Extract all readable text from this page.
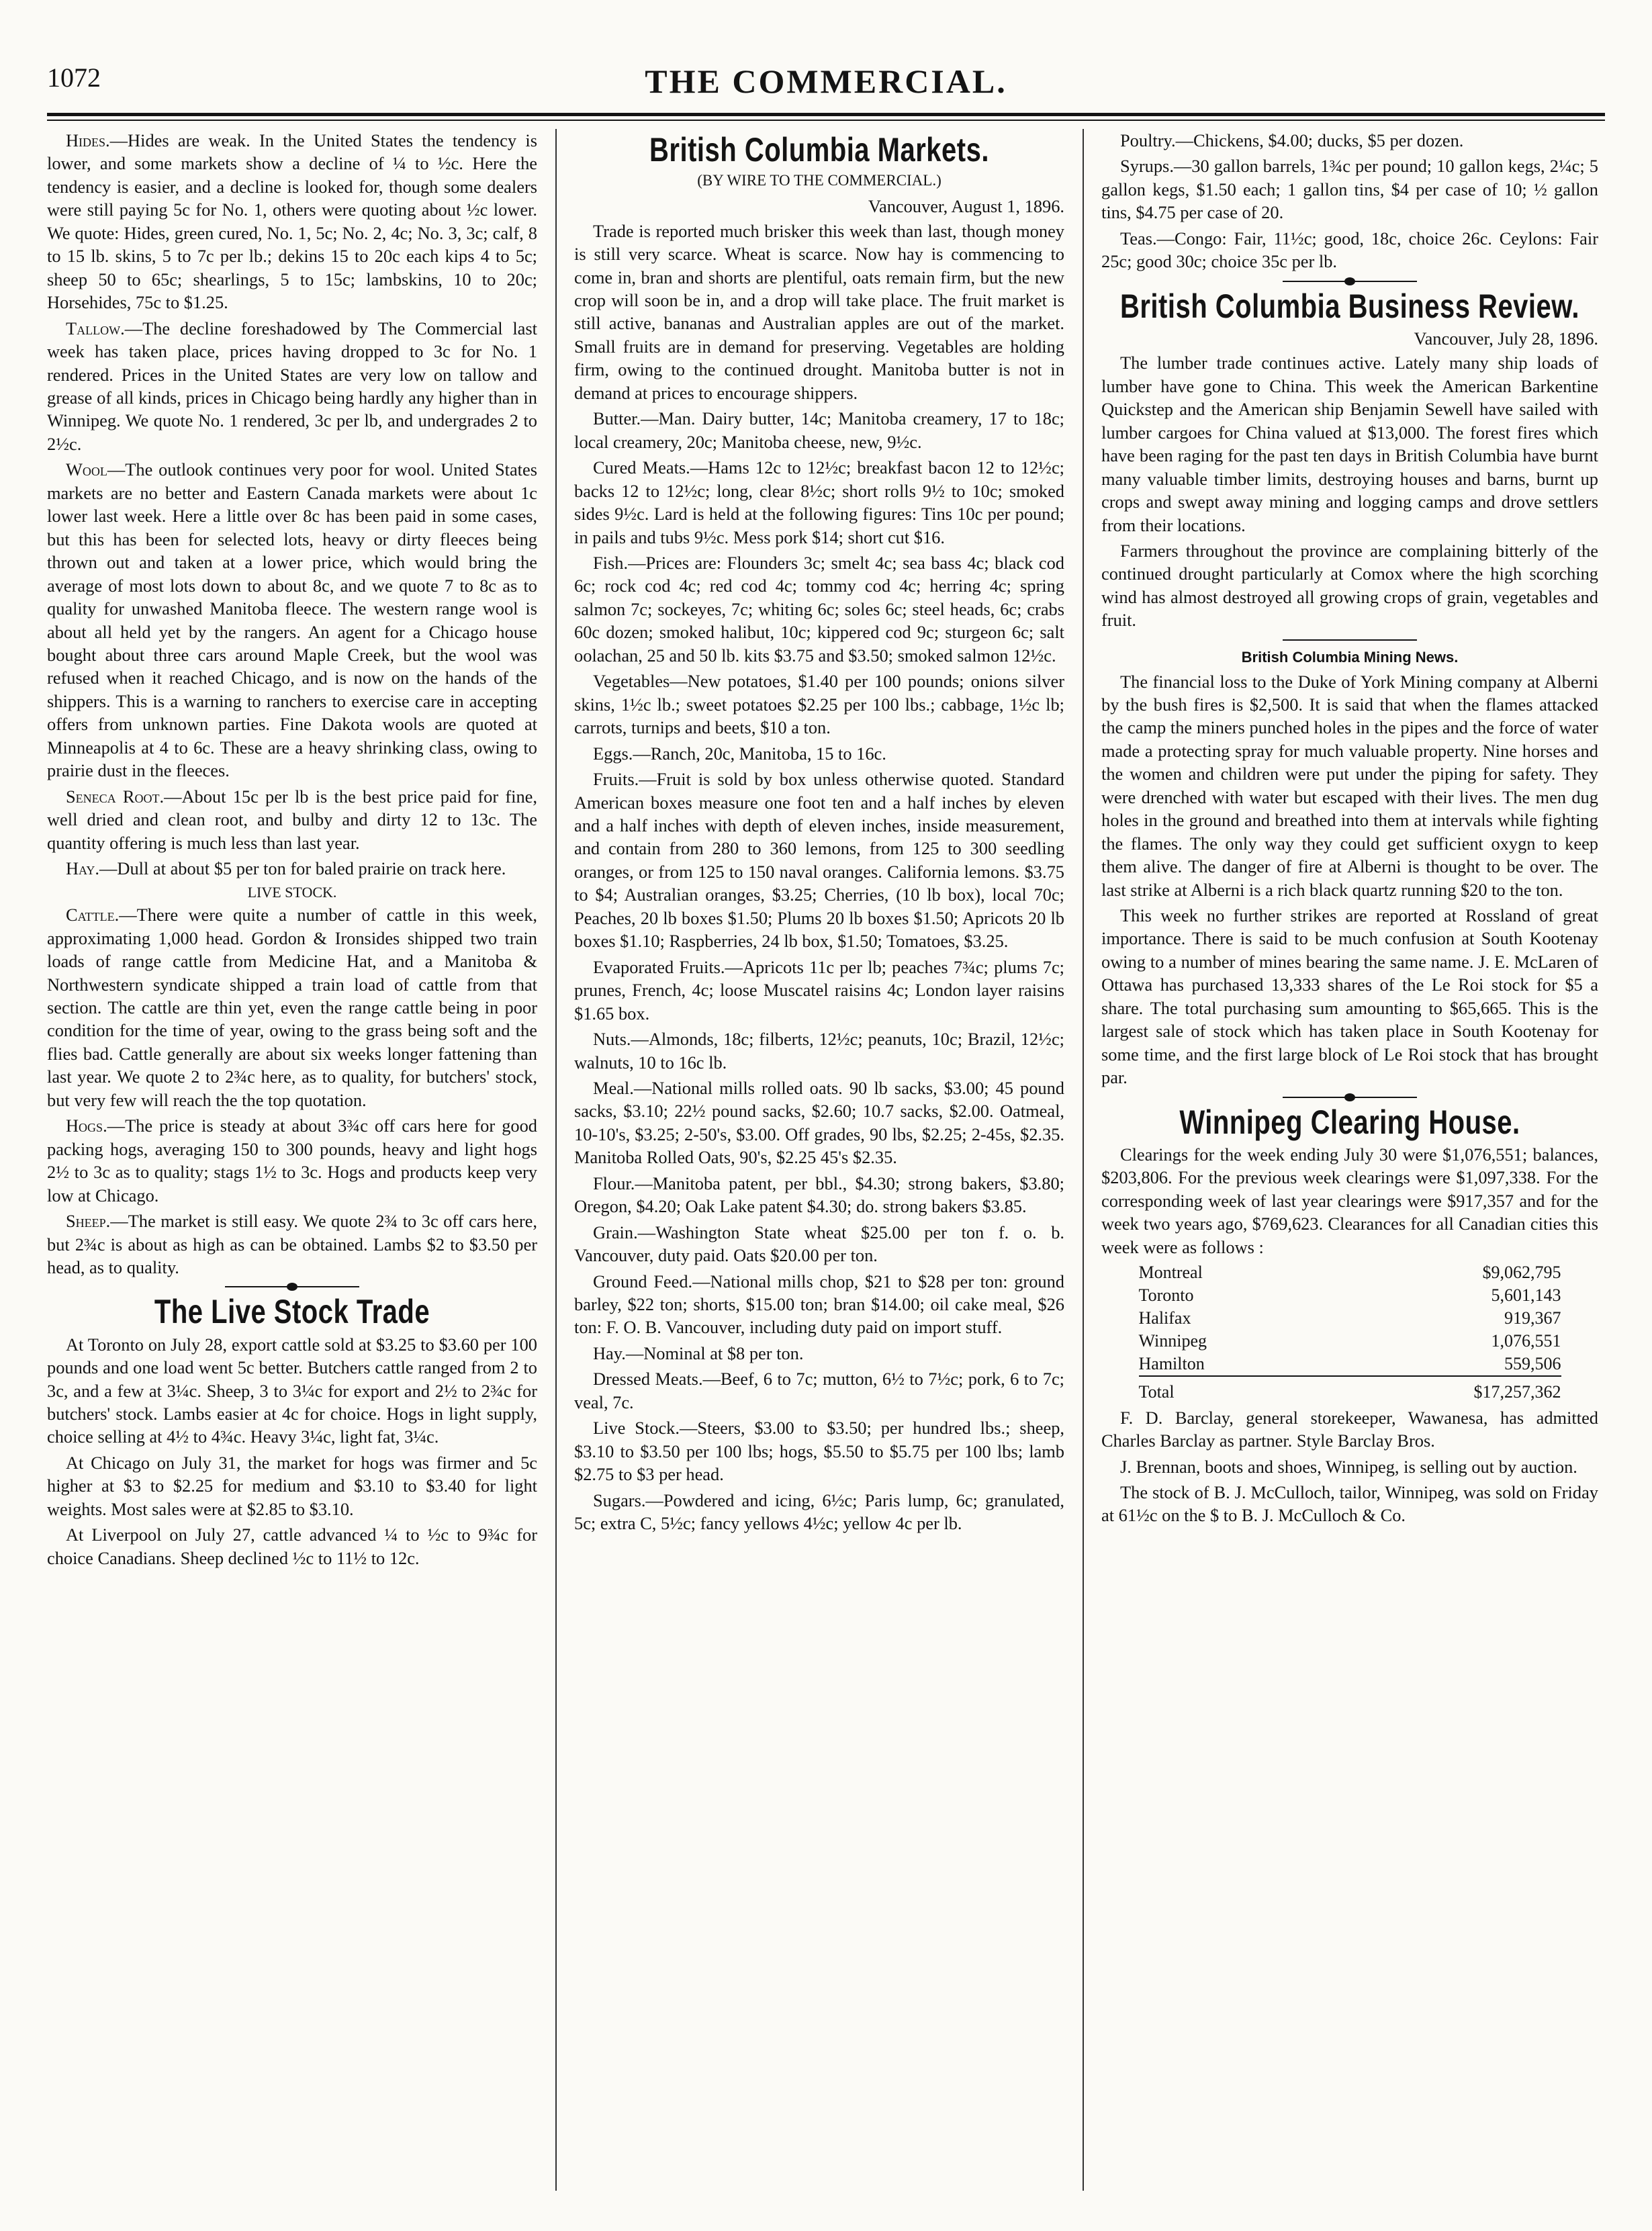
1072	THE COMMERCIAL.

Hides.—Hides are weak. In the United States the tendency is lower, and some markets show a decline of ¼ to ½c. Here the tendency is easier, and a decline is looked for, though some dealers were still paying 5c for No. 1, others were quoting about ½c lower. We quote: Hides, green cured, No. 1, 5c; No. 2, 4c; No. 3, 3c; calf, 8 to 15 lb. skins, 5 to 7c per lb.; dekins 15 to 20c each kips 4 to 5c; sheep 50 to 65c; shearlings, 5 to 15c; lambskins, 10 to 20c; Horsehides, 75c to $1.25.

Tallow.—The decline foreshadowed by The Commercial last week has taken place, prices having dropped to 3c for No. 1 rendered. Prices in the United States are very low on tallow and grease of all kinds, prices in Chicago being hardly any higher than in Winnipeg. We quote No. 1 rendered, 3c per lb, and undergrades 2 to 2½c.

Wool—The outlook continues very poor for wool. United States markets are no better and Eastern Canada markets were about 1c lower last week. Here a little over 8c has been paid in some cases, but this has been for selected lots, heavy or dirty fleeces being thrown out and taken at a lower price, which would bring the average of most lots down to about 8c, and we quote 7 to 8c as to quality for unwashed Manitoba fleece. The western range wool is about all held yet by the rangers. An agent for a Chicago house bought about three cars around Maple Creek, but the wool was refused when it reached Chicago, and is now on the hands of the shippers. This is a warning to ranchers to exercise care in accepting offers from unknown parties. Fine Dakota wools are quoted at Minneapolis at 4 to 6c. These are a heavy shrinking class, owing to prairie dust in the fleeces.

Seneca Root.—About 15c per lb is the best price paid for fine, well dried and clean root, and bulby and dirty 12 to 13c. The quantity offering is much less than last year.

Hay.—Dull at about $5 per ton for baled prairie on track here.

LIVE STOCK.

Cattle.—There were quite a number of cattle in this week, approximating 1,000 head. Gordon & Ironsides shipped two train loads of range cattle from Medicine Hat, and a Manitoba & Northwestern syndicate shipped a train load of cattle from that section. The cattle are thin yet, even the range cattle being in poor condition for the time of year, owing to the grass being soft and the flies bad. Cattle generally are about six weeks longer fattening than last year. We quote 2 to 2¾c here, as to quality, for butchers' stock, but very few will reach the the top quotation.

Hogs.—The price is steady at about 3¾c off cars here for good packing hogs, averaging 150 to 300 pounds, heavy and light hogs 2½ to 3c as to quality; stags 1½ to 3c. Hogs and products keep very low at Chicago.

Sheep.—The market is still easy. We quote 2¾ to 3c off cars here, but 2¾c is about as high as can be obtained. Lambs $2 to $3.50 per head, as to quality.

The Live Stock Trade

At Toronto on July 28, export cattle sold at $3.25 to $3.60 per 100 pounds and one load went 5c better. Butchers cattle ranged from 2 to 3c, and a few at 3¼c. Sheep, 3 to 3¼c for export and 2½ to 2¾c for butchers' stock. Lambs easier at 4c for choice. Hogs in light supply, choice selling at 4½ to 4¾c. Heavy 3¼c, light fat, 3¼c.

At Chicago on July 31, the market for hogs was firmer and 5c higher at $3 to $2.25 for medium and $3.10 to $3.40 for light weights. Most sales were at $2.85 to $3.10.

At Liverpool on July 27, cattle advanced ¼ to ½c to 9¾c for choice Canadians. Sheep declined ½c to 11½ to 12c.

British Columbia Markets.
(BY WIRE TO THE COMMERCIAL.)

Vancouver, August 1, 1896.

Trade is reported much brisker this week than last, though money is still very scarce. Wheat is scarce. Now hay is commencing to come in, bran and shorts are plentiful, oats remain firm, but the new crop will soon be in, and a drop will take place. The fruit market is still active, bananas and Australian apples are out of the market. Small fruits are in demand for preserving. Vegetables are holding firm, owing to the continued drought. Manitoba butter is not in demand at prices to encourage shippers.

Butter.—Man. Dairy butter, 14c; Manitoba creamery, 17 to 18c; local creamery, 20c; Manitoba cheese, new, 9½c.

Cured Meats.—Hams 12c to 12½c; breakfast bacon 12 to 12½c; backs 12 to 12½c; long, clear 8½c; short rolls 9½ to 10c; smoked sides 9½c. Lard is held at the following figures: Tins 10c per pound; in pails and tubs 9½c. Mess pork $14; short cut $16.

Fish.—Prices are: Flounders 3c; smelt 4c; sea bass 4c; black cod 6c; rock cod 4c; red cod 4c; tommy cod 4c; herring 4c; spring salmon 7c; sockeyes, 7c; whiting 6c; soles 6c; steel heads, 6c; crabs 60c dozen; smoked halibut, 10c; kippered cod 9c; sturgeon 6c; salt oolachan, 25 and 50 lb. kits $3.75 and $3.50; smoked salmon 12½c.

Vegetables—New potatoes, $1.40 per 100 pounds; onions silver skins, 1½c lb.; sweet potatoes $2.25 per 100 lbs.; cabbage, 1½c lb; carrots, turnips and beets, $10 a ton.

Eggs.—Ranch, 20c, Manitoba, 15 to 16c.

Fruits.—Fruit is sold by box unless otherwise quoted. Standard American boxes measure one foot ten and a half inches by eleven and a half inches with depth of eleven inches, inside measurement, and contain from 280 to 360 lemons, from 125 to 300 seedling oranges, or from 125 to 150 naval oranges. California lemons. $3.75 to $4; Australian oranges, $3.25; Cherries, (10 lb box), local 70c; Peaches, 20 lb boxes $1.50; Plums 20 lb boxes $1.50; Apricots 20 lb boxes $1.10; Raspberries, 24 lb box, $1.50; Tomatoes, $3.25.

Evaporated Fruits.—Apricots 11c per lb; peaches 7¾c; plums 7c; prunes, French, 4c; loose Muscatel raisins 4c; London layer raisins $1.65 box.

Nuts.—Almonds, 18c; filberts, 12½c; peanuts, 10c; Brazil, 12½c; walnuts, 10 to 16c lb.

Meal.—National mills rolled oats. 90 lb sacks, $3.00; 45 pound sacks, $3.10; 22½ pound sacks, $2.60; 10.7 sacks, $2.00. Oatmeal, 10-10's, $3.25; 2-50's, $3.00. Off grades, 90 lbs, $2.25; 2-45s, $2.35. Manitoba Rolled Oats, 90's, $2.25 45's $2.35.

Flour.—Manitoba patent, per bbl., $4.30; strong bakers, $3.80; Oregon, $4.20; Oak Lake patent $4.30; do. strong bakers $3.85.

Grain.—Washington State wheat $25.00 per ton f. o. b. Vancouver, duty paid. Oats $20.00 per ton.

Ground Feed.—National mills chop, $21 to $28 per ton: ground barley, $22 ton; shorts, $15.00 ton; bran $14.00; oil cake meal, $26 ton: F. O. B. Vancouver, including duty paid on import stuff.

Hay.—Nominal at $8 per ton.

Dressed Meats.—Beef, 6 to 7c; mutton, 6½ to 7½c; pork, 6 to 7c; veal, 7c.

Live Stock.—Steers, $3.00 to $3.50; per hundred lbs.; sheep, $3.10 to $3.50 per 100 lbs; hogs, $5.50 to $5.75 per 100 lbs; lamb $2.75 to $3 per head.

Sugars.—Powdered and icing, 6½c; Paris lump, 6c; granulated, 5c; extra C, 5½c; fancy yellows 4½c; yellow 4c per lb.

Poultry.—Chickens, $4.00; ducks, $5 per dozen.

Syrups.—30 gallon barrels, 1¾c per pound; 10 gallon kegs, 2¼c; 5 gallon kegs, $1.50 each; 1 gallon tins, $4 per case of 10; ½ gallon tins, $4.75 per case of 20.

Teas.—Congo: Fair, 11½c; good, 18c, choice 26c. Ceylons: Fair 25c; good 30c; choice 35c per lb.

British Columbia Business Review.

Vancouver, July 28, 1896.

The lumber trade continues active. Lately many ship loads of lumber have gone to China. This week the American Barkentine Quickstep and the American ship Benjamin Sewell have sailed with lumber cargoes for China valued at $13,000. The forest fires which have been raging for the past ten days in British Columbia have burnt many valuable timber limits, destroying houses and barns, burnt up crops and swept away mining and logging camps and drove settlers from their locations.

Farmers throughout the province are complaining bitterly of the continued drought particularly at Comox where the high scorching wind has almost destroyed all growing crops of grain, vegetables and fruit.

British Columbia Mining News.

The financial loss to the Duke of York Mining company at Alberni by the bush fires is $2,500. It is said that when the flames attacked the camp the miners punched holes in the pipes and the force of water made a protecting spray for much valuable property. Nine horses and the women and children were put under the piping for safety. They were drenched with water but escaped with their lives. The men dug holes in the ground and breathed into them at intervals while fighting the flames. The only way they could get sufficient oxygn to keep them alive. The danger of fire at Alberni is thought to be over. The last strike at Alberni is a rich black quartz running $20 to the ton.

This week no further strikes are reported at Rossland of great importance. There is said to be much confusion at South Kootenay owing to a number of mines bearing the same name. J. E. McLaren of Ottawa has purchased 13,333 shares of the Le Roi stock for $5 a share. The total purchasing sum amounting to $65,665. This is the largest sale of stock which has taken place in South Kootenay for some time, and the first large block of Le Roi stock that has brought par.

Winnipeg Clearing House.

Clearings for the week ending July 30 were $1,076,551; balances, $203,806. For the previous week clearings were $1,097,338. For the corresponding week of last year clearings were $917,357 and for the week two years ago, $769,623. Clearances for all Canadian cities this week were as follows :

Montreal	$9,062,795
Toronto	5,601,143
Halifax	919,367
Winnipeg	1,076,551
Hamilton	559,506
Total	$17,257,362

F. D. Barclay, general storekeeper, Wawanesa, has admitted Charles Barclay as partner. Style Barclay Bros.

J. Brennan, boots and shoes, Winnipeg, is selling out by auction.

The stock of B. J. McCulloch, tailor, Winnipeg, was sold on Friday at 61½c on the $ to B. J. McCulloch & Co.
